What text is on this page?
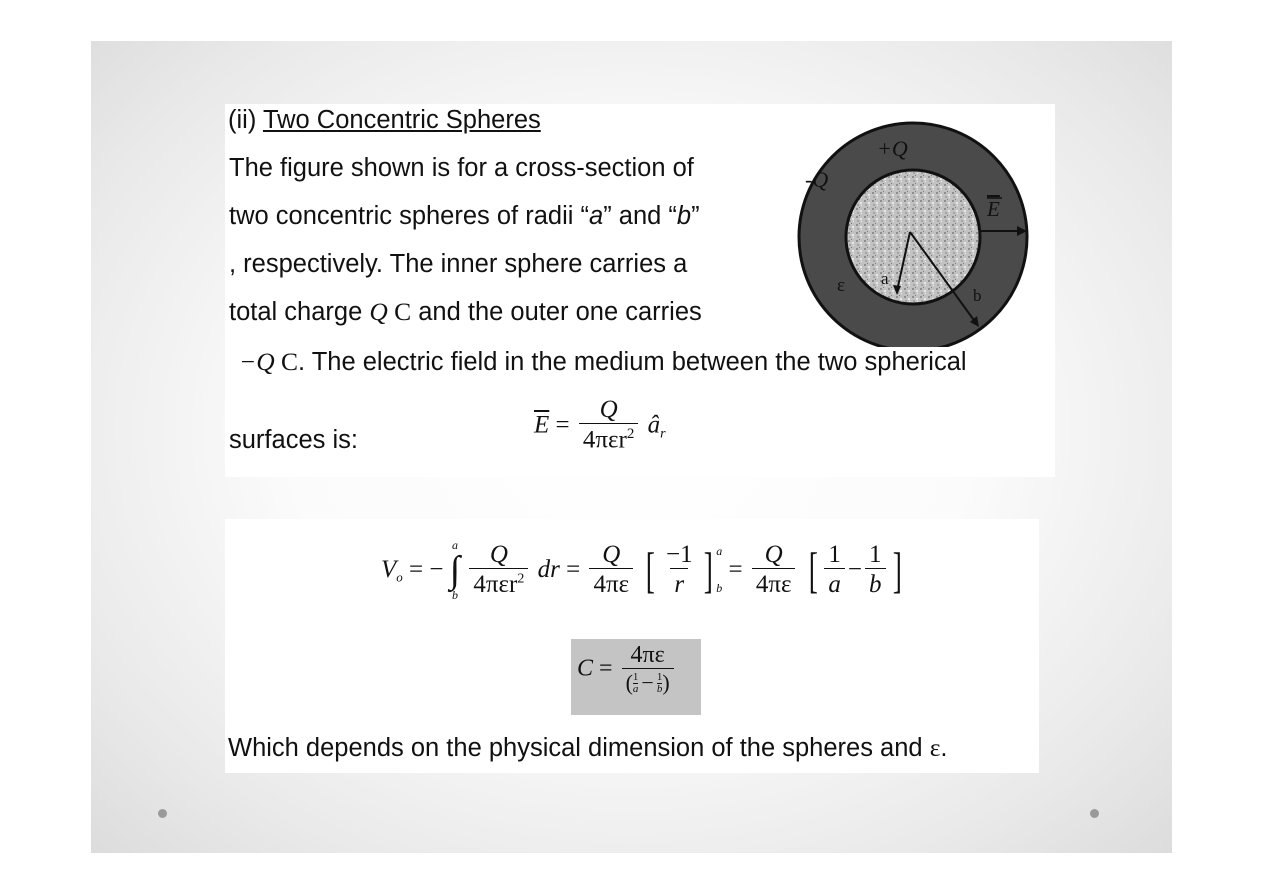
(ii) Two Concentric Spheres
The figure shown is for a cross-section of
two concentric spheres of radii “a” and “b”
, respectively. The inner sphere carries a
total charge Q C and the outer one carries
−Q C. The electric field in the medium between the two spherical
surfaces is:
$\overline{E} = \frac{Q}{4\pi\varepsilon r^2}$ $â_r$
+Q
-Q
E
ε a
b
$V_o$ = −
a
∫
b
$\frac{Q}{4\pi\varepsilon r^2}$ dr = $\frac{Q}{4\pi\varepsilon}$ [ $\frac{-1}{r}$ ] a
b
= $\frac{Q}{4\pi\varepsilon}$ [ $\frac{1}{a} - \frac{1}{b}$ ]
C =
4πε
( 1
$a - \frac{1}{b}$ )
Which depends on the physical dimension of the spheres and ε.
